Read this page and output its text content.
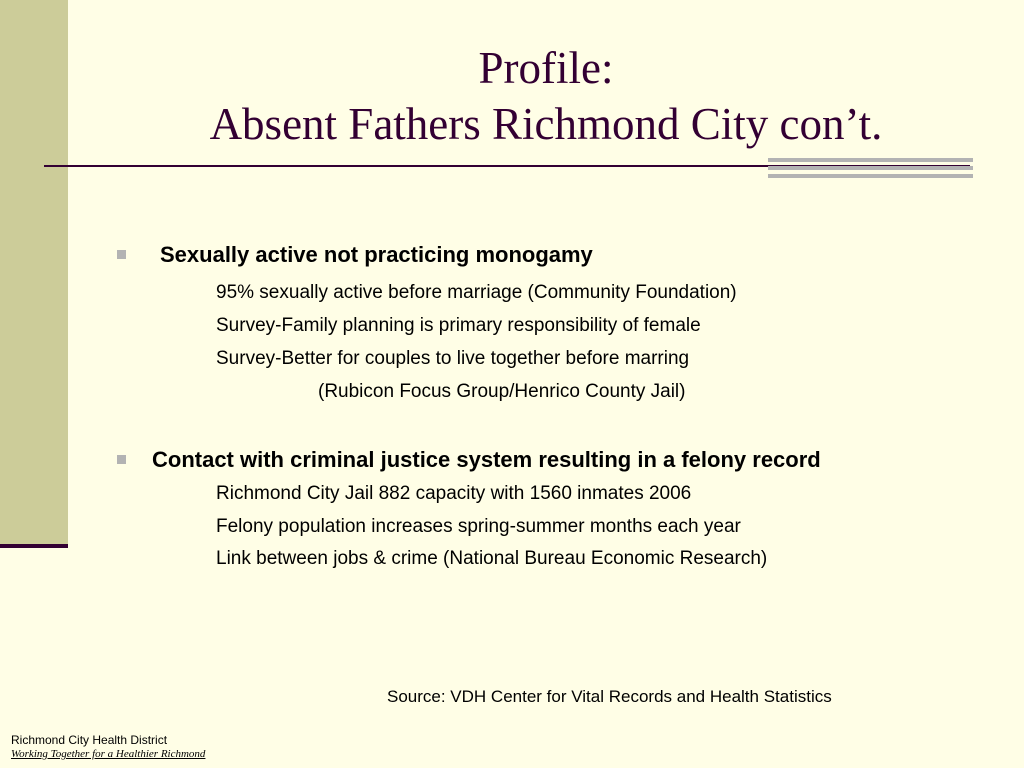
Profile:
Absent Fathers Richmond City con’t.
Sexually active not practicing monogamy
95% sexually active before marriage (Community Foundation)
Survey-Family planning is primary responsibility of female
Survey-Better for couples to live together before marring
(Rubicon Focus Group/Henrico County Jail)
Contact with criminal justice system resulting in a felony record
Richmond City Jail 882 capacity with 1560 inmates 2006
Felony population increases spring-summer months each year
Link between jobs & crime (National Bureau Economic Research)
Source: VDH Center for Vital Records and Health Statistics
Richmond City Health District
Working Together for a Healthier Richmond
